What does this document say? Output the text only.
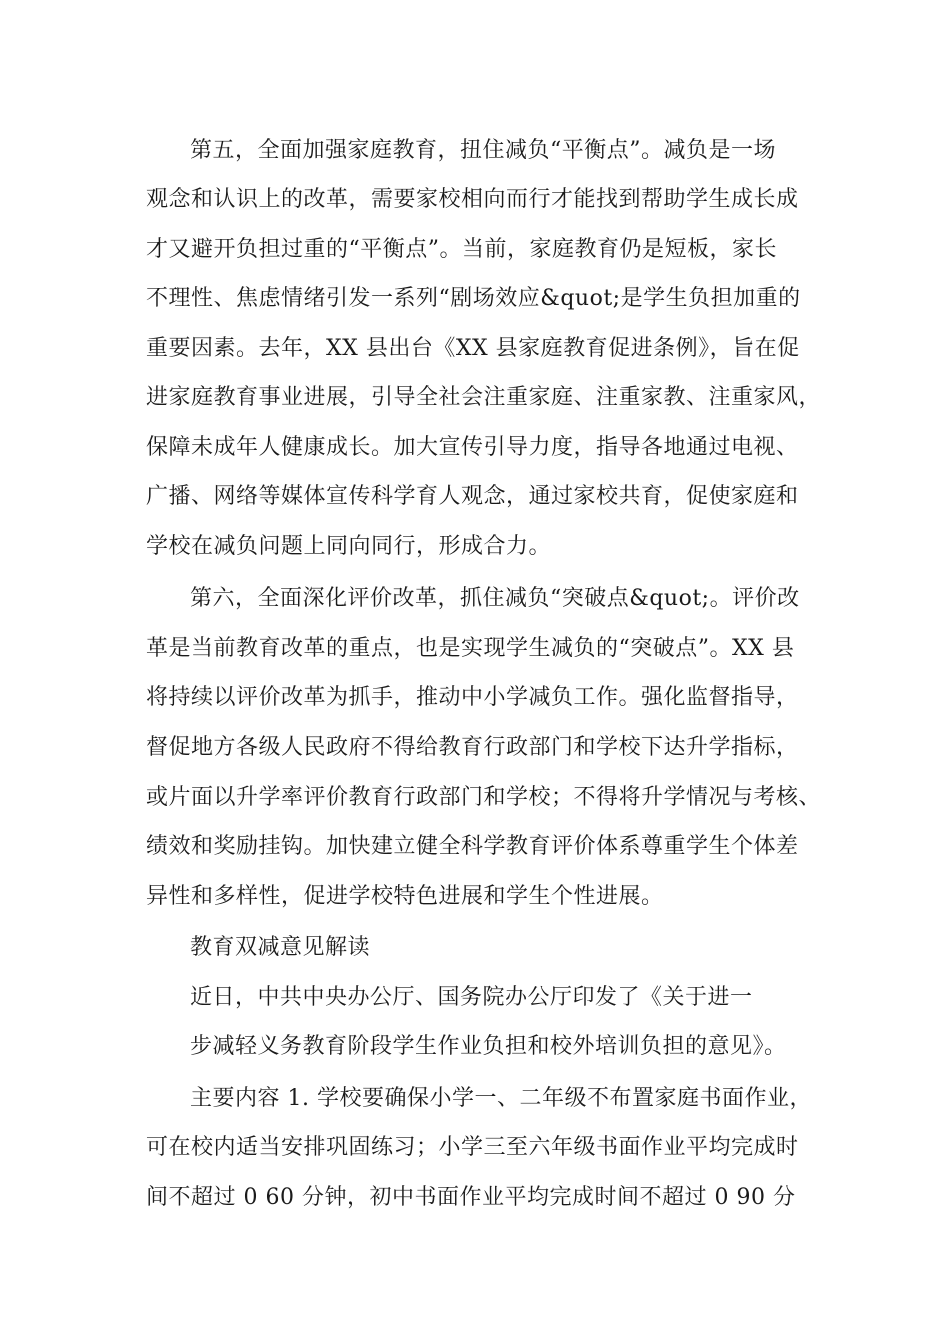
第五，全面加强家庭教育，扭住减负“平衡点”。减负是一场
观念和认识上的改革，需要家校相向而行才能找到帮助学生成长成
才又避开负担过重的“平衡点”。当前，家庭教育仍是短板，家长
不理性、焦虑情绪引发一系列“剧场效应&quot;是学生负担加重的
重要因素。去年，XX 县出台《XX 县家庭教育促进条例》，旨在促
进家庭教育事业进展，引导全社会注重家庭、注重家教、注重家风，
保障未成年人健康成长。加大宣传引导力度，指导各地通过电视、
广播、网络等媒体宣传科学育人观念，通过家校共育，促使家庭和
学校在减负问题上同向同行，形成合力。
第六，全面深化评价改革，抓住减负“突破点&quot;。评价改
革是当前教育改革的重点，也是实现学生减负的“突破点”。XX 县
将持续以评价改革为抓手，推动中小学减负工作。强化监督指导，
督促地方各级人民政府不得给教育行政部门和学校下达升学指标，
或片面以升学率评价教育行政部门和学校；不得将升学情况与考核、
绩效和奖励挂钩。加快建立健全科学教育评价体系尊重学生个体差
异性和多样性，促进学校特色进展和学生个性进展。
教育双减意见解读
近日，中共中央办公厅、国务院办公厅印发了《关于进一
步减轻义务教育阶段学生作业负担和校外培训负担的意见》。
主要内容 1. 学校要确保小学一、二年级不布置家庭书面作业，
可在校内适当安排巩固练习；小学三至六年级书面作业平均完成时
间不超过 0 60 分钟，初中书面作业平均完成时间不超过 0 90 分
